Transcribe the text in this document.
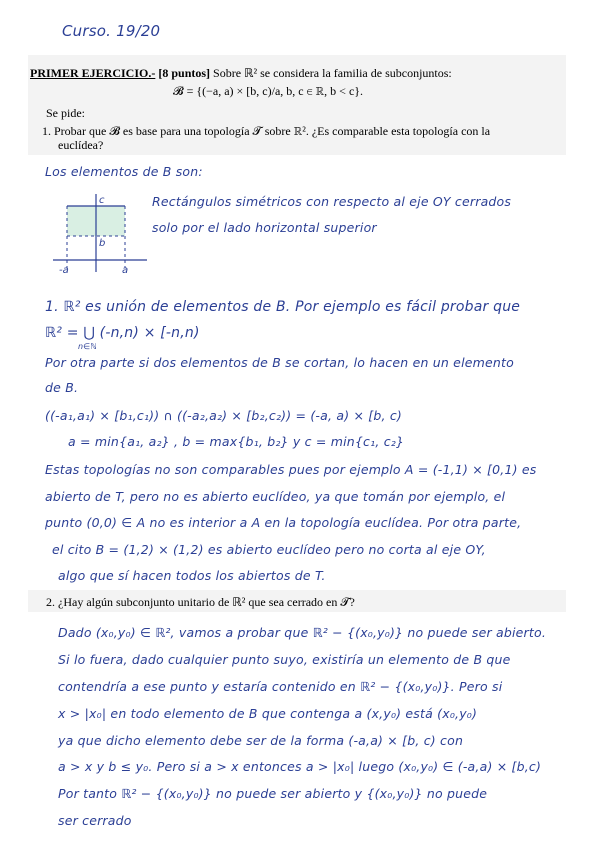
Curso. 19/20
PRIMER EJERCICIO.- [8 puntos] Sobre ℝ² se considera la familia de subconjuntos:
𝓑 = {(−a, a) × [b, c)/a, b, c ∈ ℝ, b < c}.
Se pide:
1. Probar que 𝓑 es base para una topología 𝓣 sobre ℝ². ¿Es comparable esta topología con la
euclídea?
Los elementos de B son:
Rectángulos simétricos con respecto al eje OY cerrados
solo por el lado horizontal superior
c
b
-a	a
1. ℝ² es unión de elementos de B. Por ejemplo es fácil probar que
ℝ² = ⋃ (-n,n) × [-n,n)
n∈ℕ
Por otra parte si dos elementos de B se cortan, lo hacen en un elemento
de B.
((-a₁,a₁) × [b₁,c₁)) ∩ ((-a₂,a₂) × [b₂,c₂)) = (-a, a) × [b, c)
a = min{a₁, a₂} , b = max{b₁, b₂} y c = min{c₁, c₂}
Estas topologías no son comparables pues por ejemplo A = (-1,1) × [0,1) es
abierto de T, pero no es abierto euclídeo, ya que tomán por ejemplo, el
punto (0,0) ∈ A no es interior a A en la topología euclídea. Por otra parte,
el cito B = (1,2) × (1,2) es abierto euclídeo pero no corta al eje OY,
algo que sí hacen todos los abiertos de T.
2. ¿Hay algún subconjunto unitario de ℝ² que sea cerrado en 𝓣?
Dado (x₀,y₀) ∈ ℝ², vamos a probar que ℝ² − {(x₀,y₀)} no puede ser abierto.
Si lo fuera, dado cualquier punto suyo, existiría un elemento de B que
contendría a ese punto y estaría contenido en ℝ² − {(x₀,y₀)}. Pero si
x > |x₀| en todo elemento de B que contenga a (x,y₀) está (x₀,y₀)
ya que dicho elemento debe ser de la forma (-a,a) × [b, c) con
a > x y b ≤ y₀. Pero si a > x entonces a > |x₀| luego (x₀,y₀) ∈ (-a,a) × [b,c)
Por tanto ℝ² − {(x₀,y₀)} no puede ser abierto y {(x₀,y₀)} no puede
ser cerrado
